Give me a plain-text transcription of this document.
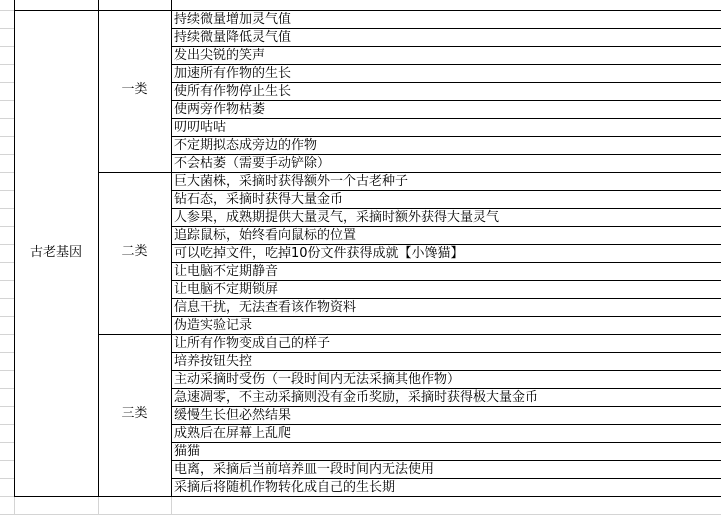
一类
持续微量增加灵气值
持续微量降低灵气值
发出尖锐的笑声
加速所有作物的生长
使所有作物停止生长
使两旁作物枯萎
叨叨咕咕
不定期拟态成旁边的作物
不会枯萎（需要手动铲除）
二类
巨大菌株，采摘时获得额外一个古老种子
钻石态，采摘时获得大量金币
人参果，成熟期提供大量灵气，采摘时额外获得大量灵气
追踪鼠标，始终看向鼠标的位置
可以吃掉文件，吃掉10份文件获得成就【小馋猫】
让电脑不定期静音
让电脑不定期锁屏
信息干扰，无法查看该作物资料
伪造实验记录
三类
让所有作物变成自己的样子
培养按钮失控
主动采摘时受伤（一段时间内无法采摘其他作物）
急速凋零，不主动采摘则没有金币奖励，采摘时获得极大量金币
缓慢生长但必然结果
成熟后在屏幕上乱爬
猫猫
电离，采摘后当前培养皿一段时间内无法使用
采摘后将随机作物转化成自己的生长期
古老基因
